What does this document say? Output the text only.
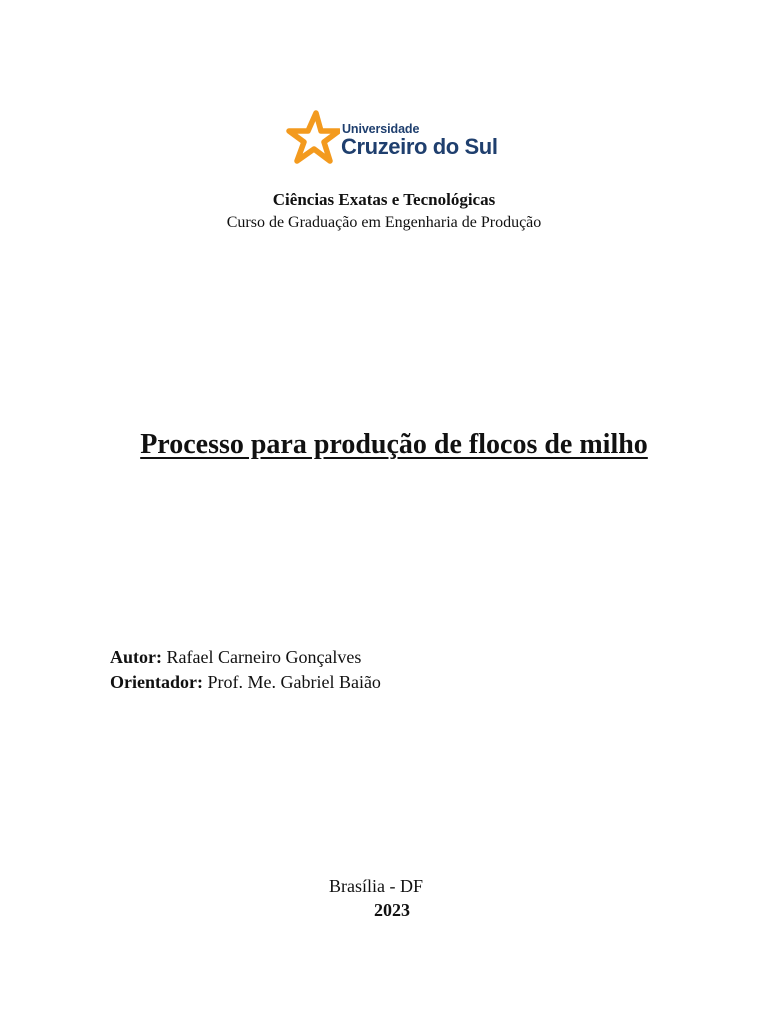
Universidade
Cruzeiro do Sul
Ciências Exatas e Tecnológicas
Curso de Graduação em Engenharia de Produção
Processo para produção de flocos de milho
Autor: Rafael Carneiro Gonçalves
Orientador: Prof. Me. Gabriel Baião
Brasília - DF
2023
